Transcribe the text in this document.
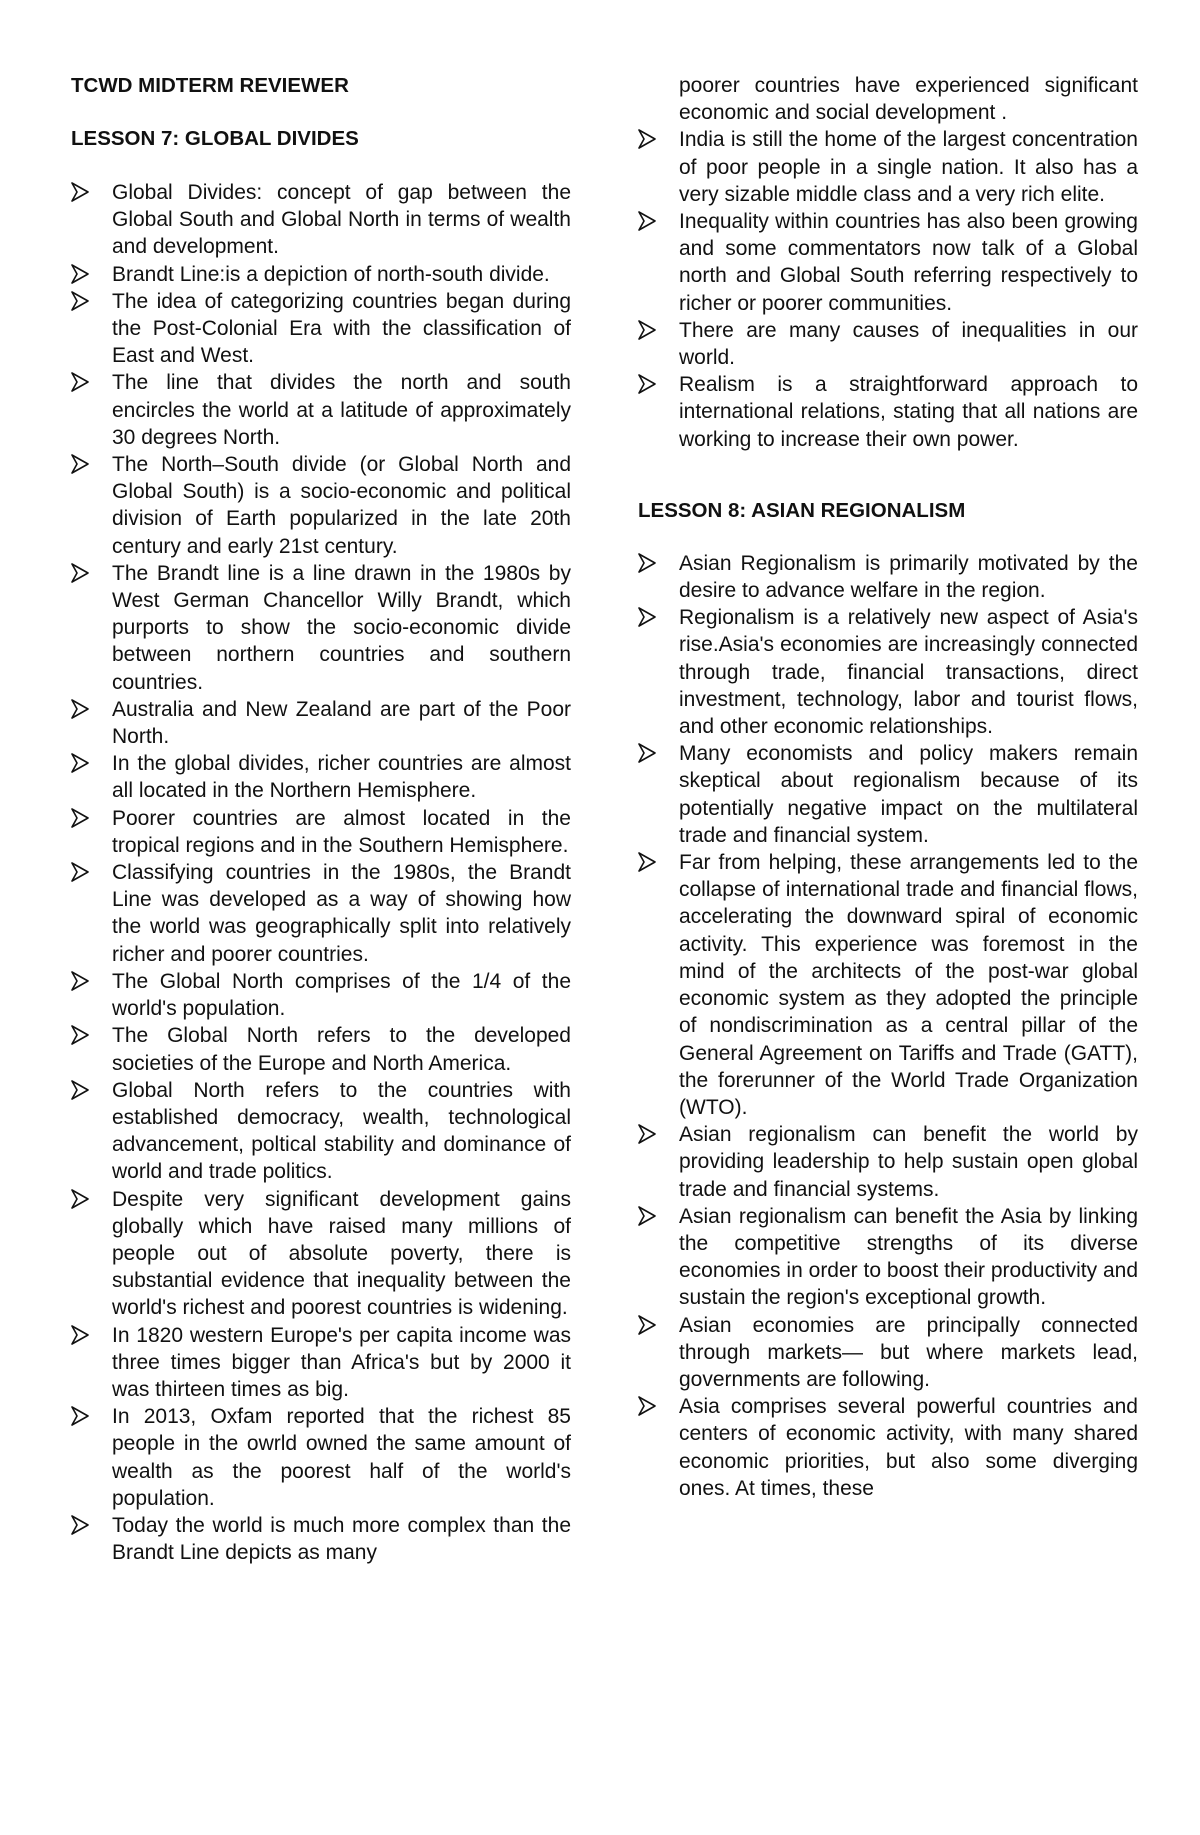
TCWD MIDTERM REVIEWER

LESSON 7: GLOBAL DIVIDES

Global Divides: concept of gap between the Global South and Global North in terms of wealth and development.
Brandt Line:is a depiction of north-south divide.
The idea of categorizing countries began during the Post-Colonial Era with the classification of East and West.
The line that divides the north and south encircles the world at a latitude of approximately 30 degrees North.
The North–South divide (or Global North and Global South) is a socio-economic and political division of Earth popularized in the late 20th century and early 21st century.
The Brandt line is a line drawn in the 1980s by West German Chancellor Willy Brandt, which purports to show the socio-economic divide between northern countries and southern countries.
Australia and New Zealand are part of the Poor North.
In the global divides, richer countries are almost all located in the Northern Hemisphere.
Poorer countries are almost located in the tropical regions and in the Southern Hemisphere.
Classifying countries in the 1980s, the Brandt Line was developed as a way of showing how the world was geographically split into relatively richer and poorer countries.
The Global North comprises of the 1/4 of the world's population.
The Global North refers to the developed societies of the Europe and North America.
Global North refers to the countries with established democracy, wealth, technological advancement, poltical stability and dominance of world and trade politics.
Despite very significant development gains globally which have raised many millions of people out of absolute poverty, there is substantial evidence that inequality between the world's richest and poorest countries is widening.
In 1820 western Europe's per capita income was three times bigger than Africa's but by 2000 it was thirteen times as big.
In 2013, Oxfam reported that the richest 85 people in the owrld owned the same amount of wealth as the poorest half of the world's population.
Today the world is much more complex than the Brandt Line depicts as many

poorer countries have experienced significant economic and social development .

India is still the home of the largest concentration of poor people in a single nation. It also has a very sizable middle class and a very rich elite.
Inequality within countries has also been growing and some commentators now talk of a Global north and Global South referring respectively to richer or poorer communities.
There are many causes of inequalities in our world.
Realism is a straightforward approach to international relations, stating that all nations are working to increase their own power.

LESSON 8: ASIAN REGIONALISM

Asian Regionalism is primarily motivated by the desire to advance welfare in the region.
Regionalism is a relatively new aspect of Asia's rise.Asia's economies are increasingly connected through trade, financial transactions, direct investment, technology, labor and tourist flows, and other economic relationships.
Many economists and policy makers remain skeptical about regionalism because of its potentially negative impact on the multilateral trade and financial system.
Far from helping, these arrangements led to the collapse of international trade and financial flows, accelerating the downward spiral of economic activity. This experience was foremost in the mind of the architects of the post-war global economic system as they adopted the principle of nondiscrimination as a central pillar of the General Agreement on Tariffs and Trade (GATT), the forerunner of the World Trade Organization (WTO).
Asian regionalism can benefit the world by providing leadership to help sustain open global trade and financial systems.
Asian regionalism can benefit the Asia by linking the competitive strengths of its diverse economies in order to boost their productivity and sustain the region's exceptional growth.
Asian economies are principally connected through markets— but where markets lead, governments are following.
Asia comprises several powerful countries and centers of economic activity, with many shared economic priorities, but also some diverging ones. At times, these
